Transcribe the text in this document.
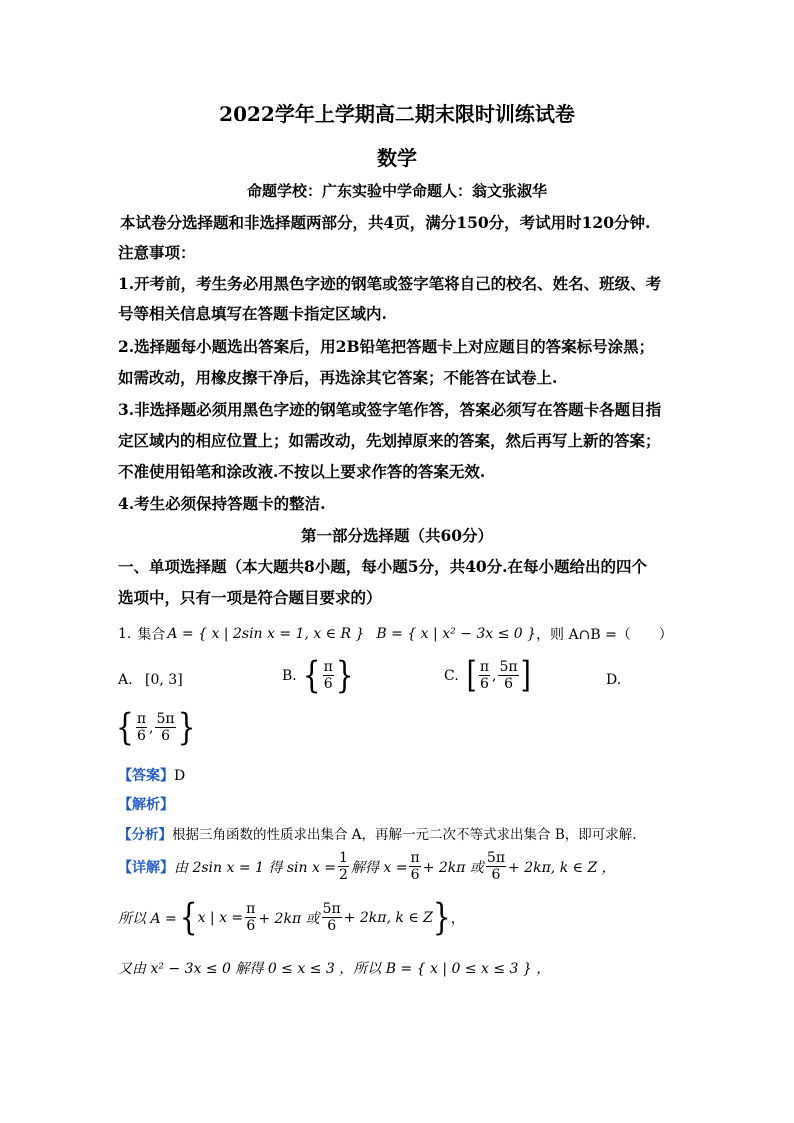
2022学年上学期高二期末限时训练试卷
数学
命题学校：广东实验中学命题人：翁文张淑华
本试卷分选择题和非选择题两部分，共4页，满分150分，考试用时120分钟.
注意事项：
1.开考前，考生务必用黑色字迹的钢笔或签字笔将自己的校名、姓名、班级、考
号等相关信息填写在答题卡指定区域内.
2.选择题每小题选出答案后，用2B铅笔把答题卡上对应题目的答案标号涂黑；
如需改动，用橡皮擦干净后，再选涂其它答案；不能答在试卷上.
3.非选择题必须用黑色字迹的钢笔或签字笔作答，答案必须写在答题卡各题目指
定区域内的相应位置上；如需改动，先划掉原来的答案，然后再写上新的答案；
不准使用铅笔和涂改液.不按以上要求作答的答案无效.
4.考生必须保持答题卡的整洁.
第一部分选择题（共60分）
一、单项选择题（本大题共8小题，每小题5分，共40分.在每小题给出的四个
选项中，只有一项是符合题目要求的）
1. 集合 A = { x | 2sin x = 1, x ∈ R } B = { x | x² − 3x ≤ 0 } ，则 A∩B =（　　）
A. [0, 3]	B. { $\frac{\pi}{6}$ }	C. [ $\frac{\pi}{6}$ , $\frac{5\pi}{6}$ ]	D.
{ $\frac{\pi}{6}$ , $\frac{5\pi}{6}$ }
【答案】D
【解析】
【分析】根据三角函数的性质求出集合 A，再解一元二次不等式求出集合 B，即可求解.
【详解】 由 2sin x = 1 得 $\sin x = \frac{1}{2}$ 解得 $x = \frac{\pi}{6} + 2k\pi$ 或 $\frac{5\pi}{6} + 2k\pi$, k ∈ Z ，
所以 A = { x | $x = \frac{\pi}{6} + 2k\pi$ 或 $\frac{5\pi}{6} + 2k\pi$, k ∈ Z } ，
又由 x² − 3x ≤ 0 解得 0 ≤ x ≤ 3 ，所以 B = { x | 0 ≤ x ≤ 3 } ，
